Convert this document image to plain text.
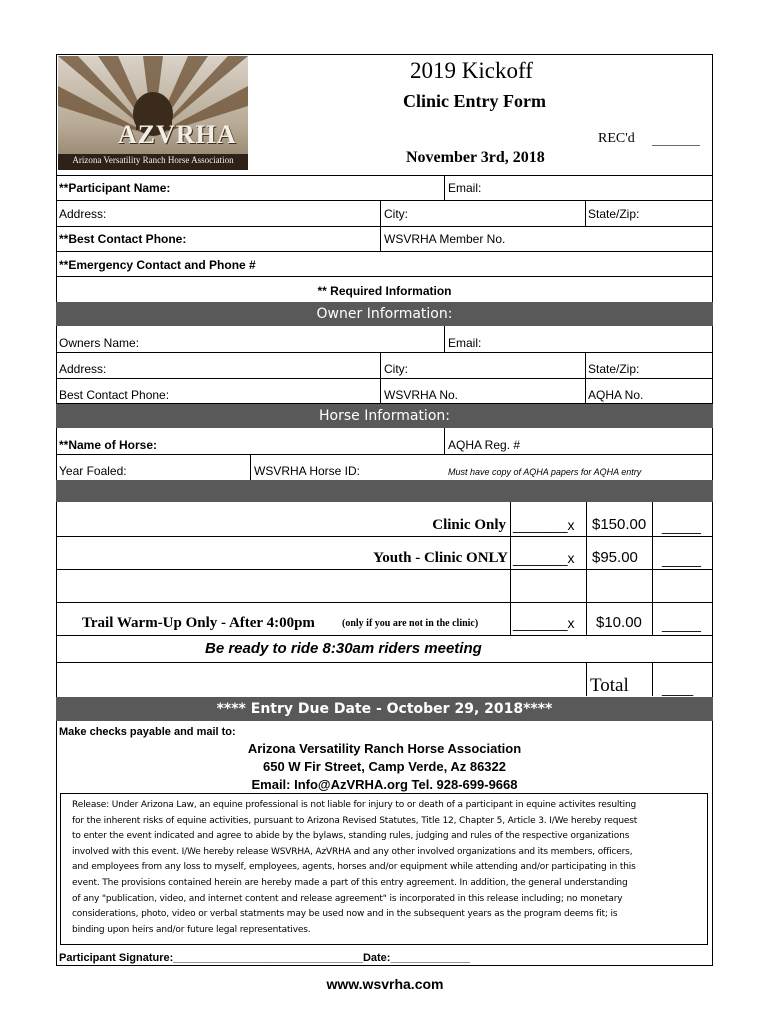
AZVRHA
Arizona Versatility Ranch Horse Association
2019 Kickoff
Clinic Entry Form
REC'd ________
November 3rd, 2018
**Participant Name:	Email:
Address:	City:	State/Zip:
**Best Contact Phone:	WSVRHA Member No.
**Emergency Contact and Phone #
** Required Information
Owner Information:
Owners Name:	Email:
Address:	City:	State/Zip:
Best Contact Phone:	WSVRHA No.	AQHA No.
Horse Information:
**Name of Horse:	AQHA Reg. #
Year Foaled:	WSVRHA Horse ID:	Must have copy of AQHA papers for AQHA entry
Clinic Only _______x $150.00 _____
Youth - Clinic ONLY _______x $95.00 _____
Trail Warm-Up Only - After 4:00pm	(only if you are not in the clinic) _______x $10.00 _____
Be ready to ride 8:30am riders meeting
Total ____
**** Entry Due Date - October 29, 2018****
Make checks payable and mail to:
Arizona Versatility Ranch Horse Association
650 W Fir Street, Camp Verde, Az 86322
Email: Info@AzVRHA.org Tel. 928-699-9668
Release: Under Arizona Law, an equine professional is not liable for injury to or death of a participant in equine activites resulting
for the inherent risks of equine activities, pursuant to Arizona Revised Statutes, Title 12, Chapter 5, Article 3. I/We hereby request
to enter the event indicated and agree to abide by the bylaws, standing rules, judging and rules of the respective organizations
involved with this event. I/We hereby release WSVRHA, AzVRHA and any other involved organizations and its members, officers,
and employees from any loss to myself, employees, agents, horses and/or equipment while attending and/or participating in this
event. The provisions contained herein are hereby made a part of this entry agreement. In addition, the general understanding
of any "publication, video, and internet content and release agreement" is incorporated in this release including; no monetary
considerations, photo, video or verbal statments may be used now and in the subsequent years as the program deems fit; is
binding upon heirs and/or future legal representatives.
Participant Signature:_______________________________Date:_____________
www.wsvrha.com
